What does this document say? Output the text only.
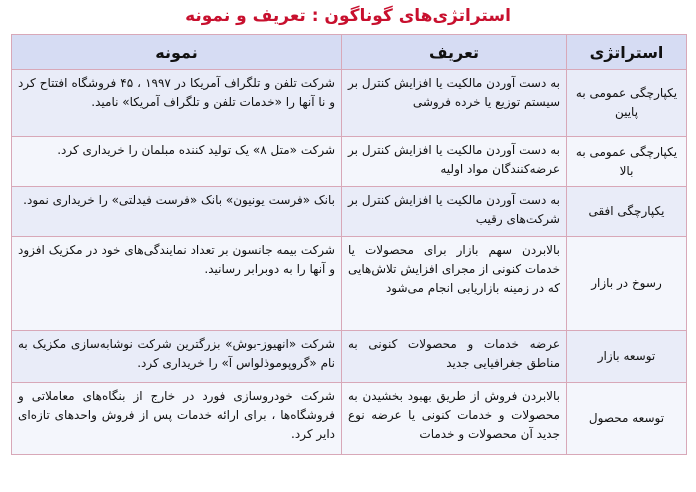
استراتژی‌های گوناگون : تعریف و نمونه
استراتژی	تعریف	نمونه
یکپارچگی عمومی به پایین	به دست آوردن مالکیت یا افزایش کنترل بر سیستم توزیع یا خرده فروشی	شرکت تلفن و تلگراف آمریکا در ۱۹۹۷ ، ۴۵ فروشگاه افتتاح کرد و نا آنها را «خدمات تلفن و تلگراف آمریکا» نامید.
یکپارچگی عمومی به بالا	به دست آوردن مالکیت یا افزایش کنترل بر عرضه‌کنندگان مواد اولیه	شرکت «متل ۸» یک تولید کننده مبلمان را خریداری کرد.
یکپارچگی افقی	به دست آوردن مالکیت یا افزایش کنترل بر شرکت‌های رقیب	بانک «فرست یونیون» بانک «فرست فیدلتی» را خریداری نمود.
رسوخ در بازار	بالابردن سهم بازار برای محصولات یا خدمات کنونی از مجرای افزایش تلاش‌هایی که در زمینه بازاریابی انجام می‌شود	شرکت بیمه جانسون بر تعداد نمایندگی‌های خود در مکزیک افزود و آنها را به دوبرابر رسانید.
توسعه بازار	عرضه خدمات و محصولات کنونی به مناطق جغرافیایی جدید	شرکت «انهیوز-بوش» بزرگترین شرکت نوشابه‌سازی مکزیک به نام «گروپوموذلواس آ» را خریداری کرد.
توسعه محصول	بالابردن فروش از طریق بهبود بخشیدن به محصولات و خدمات کنونی یا عرضه نوع جدید آن محصولات و خدمات	شرکت خودروسازی فورد در خارج از بنگاه‌های معاملاتی و فروشگاه‌ها ، برای ارائه خدمات پس از فروش واحدهای تازه‌ای دایر کرد.
